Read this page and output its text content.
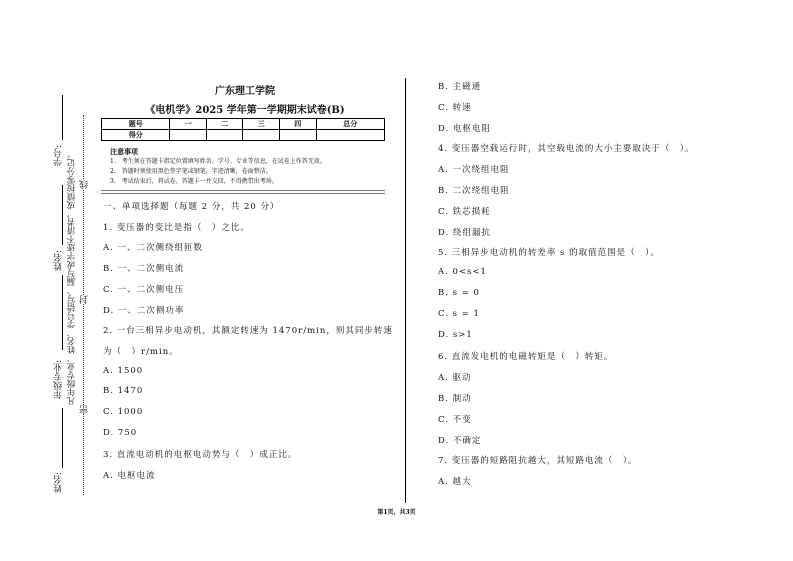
学号:
姓名:
年级专业:
姓名:
凡年级专业、姓名、学号错写、漏写或字迹不清者，成绩按零分记。 线
封
密
广东理工学院
《电机学》2025 学年第一学期期末试卷(B)
题号	一	二	三	四	总分
得分					
注意事项
1.　考生须在答题卡指定位置填写姓名、学号、专业等信息，在试卷上作答无效。
2.　答题时须使用黑色签字笔或钢笔，字迹清晰，卷面整洁。
3.　考试结束后，将试卷、答题卡一并交回，不得携带出考场。
一、单项选择题（每题 2 分，共 20 分）
1. 变压器的变比是指（　）之比。
A. 一、二次侧绕组匝数
B. 一、二次侧电流
C. 一、二次侧电压
D. 一、二次侧功率
2. 一台三相异步电动机，其额定转速为 1470r/min，则其同步转速
为（　）r/min。
A. 1500
B. 1470
C. 1000
D. 750
3. 直流电动机的电枢电动势与（　）成正比。
A. 电枢电流
B. 主磁通
C. 转速
D. 电枢电阻
4. 变压器空载运行时，其空载电流的大小主要取决于（　）。
A. 一次绕组电阻
B. 二次绕组电阻
C. 铁芯损耗
D. 绕组漏抗
5. 三相异步电动机的转差率 s 的取值范围是（　）。
A. 0<s<1
B. s = 0
C. s = 1
D. s>1
6. 直流发电机的电磁转矩是（　）转矩。
A. 驱动
B. 制动
C. 不变
D. 不确定
7. 变压器的短路阻抗越大，其短路电流（　）。
A. 越大
第1页，共3页
